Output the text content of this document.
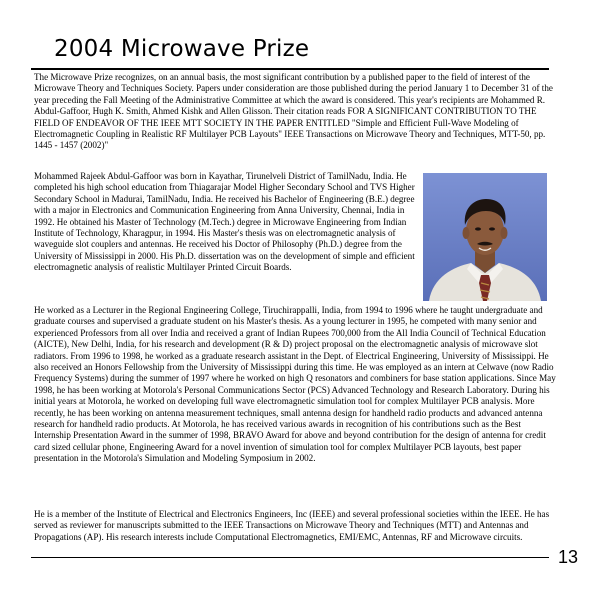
2004 Microwave Prize

The Microwave Prize recognizes, on an annual basis, the most significant contribution by a published paper to the field of interest of the Microwave Theory and Techniques Society. Papers under consideration are those published during the period January 1 to December 31 of the year preceding the Fall Meeting of the Administrative Committee at which the award is considered. This year's recipients are Mohammed R. Abdul-Gaffoor, Hugh K. Smith, Ahmed Kishk and Allen Glisson. Their citation reads FOR A SIGNIFICANT CONTRIBUTION TO THE FIELD OF ENDEAVOR OF THE IEEE MTT SOCIETY IN THE PAPER ENTITLED "Simple and Efficient Full-Wave Modeling of Electromagnetic Coupling in Realistic RF Multilayer PCB Layouts" IEEE Transactions on Microwave Theory and Techniques, MTT-50, pp. 1445 - 1457 (2002)"

Mohammed Rajeek Abdul-Gaffoor was born in Kayathar, Tirunelveli District of TamilNadu, India. He completed his high school education from Thiagarajar Model Higher Secondary School and TVS Higher Secondary School in Madurai, TamilNadu, India. He received his Bachelor of Engineering (B.E.) degree with a major in Electronics and Communication Engineering from Anna University, Chennai, India in 1992. He obtained his Master of Technology (M.Tech.) degree in Microwave Engineering from Indian Institute of Technology, Kharagpur, in 1994. His Master's thesis was on electromagnetic analysis of waveguide slot couplers and antennas. He received his Doctor of Philosophy (Ph.D.) degree from the University of Mississippi in 2000. His Ph.D. dissertation was on the development of simple and efficient electromagnetic analysis of realistic Multilayer Printed Circuit Boards.

He worked as a Lecturer in the Regional Engineering College, Tiruchirappalli, India, from 1994 to 1996 where he taught undergraduate and graduate courses and supervised a graduate student on his Master's thesis. As a young lecturer in 1995, he competed with many senior and experienced Professors from all over India and received a grant of Indian Rupees 700,000 from the All India Council of Technical Education (AICTE), New Delhi, India, for his research and development (R & D) project proposal on the electromagnetic analysis of microwave slot radiators. From 1996 to 1998, he worked as a graduate research assistant in the Dept. of Electrical Engineering, University of Mississippi. He also received an Honors Fellowship from the University of Mississippi during this time. He was employed as an intern at Celwave (now Radio Frequency Systems) during the summer of 1997 where he worked on high Q resonators and combiners for base station applications. Since May 1998, he has been working at Motorola's Personal Communications Sector (PCS) Advanced Technology and Research Laboratory. During his initial years at Motorola, he worked on developing full wave electromagnetic simulation tool for complex Multilayer PCB analysis. More recently, he has been working on antenna measurement techniques, small antenna design for handheld radio products and advanced antenna research for handheld radio products. At Motorola, he has received various awards in recognition of his contributions such as the Best Internship Presentation Award in the summer of 1998, BRAVO Award for above and beyond contribution for the design of antenna for credit card sized cellular phone, Engineering Award for a novel invention of simulation tool for complex Multilayer PCB layouts, best paper presentation in the Motorola's Simulation and Modeling Symposium in 2002.

He is a member of the Institute of Electrical and Electronics Engineers, Inc (IEEE) and several professional societies within the IEEE. He has served as reviewer for manuscripts submitted to the IEEE Transactions on Microwave Theory and Techniques (MTT) and Antennas and Propagations (AP). His research interests include Computational Electromagnetics, EMI/EMC, Antennas, RF and Microwave circuits.

13
